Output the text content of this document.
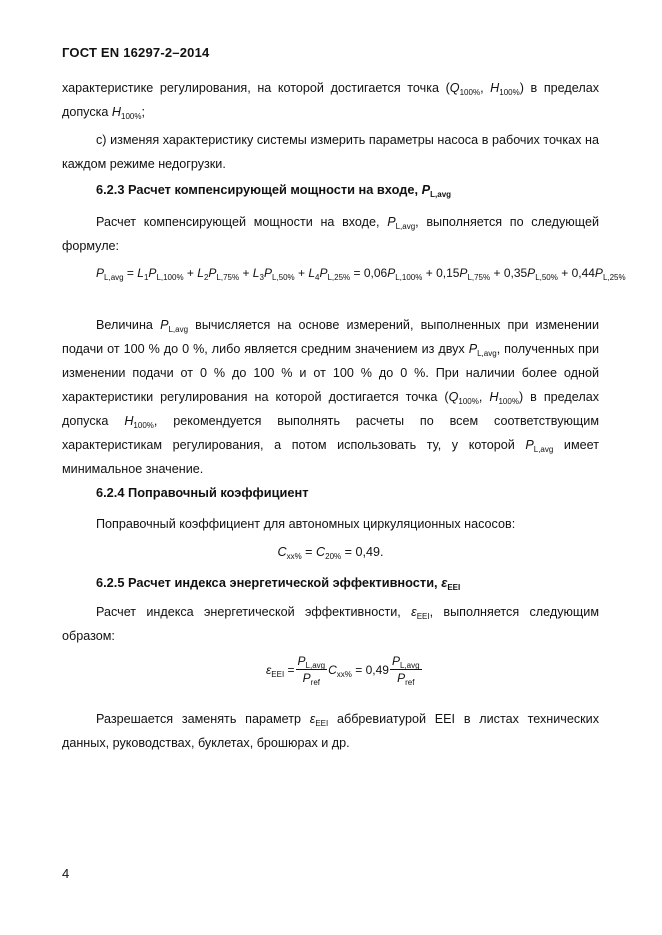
ГОСТ EN 16297-2–2014
характеристике регулирования, на которой достигается точка ($Q_{100\%}$, $H_{100\%}$) в пределах допуска $H_{100\%}$;
c) изменяя характеристику системы измерить параметры насоса в рабочих точках на каждом режиме недогрузки.
6.2.3 Расчет компенсирующей мощности на входе, $P_{L,avg}$
Расчет компенсирующей мощности на входе, $P_{L,avg}$, выполняется по следующей формуле:
$P_{L,avg} = L_1P_{L,100\%} + L_2P_{L,75\%} + L_3P_{L,50\%} + L_4P_{L,25\%} = 0,06P_{L,100\%} + 0,15P_{L,75\%} + 0,35P_{L,50\%} + 0,44P_{L,25\%}$
Величина $P_{L,avg}$ вычисляется на основе измерений, выполненных при изменении подачи от 100 % до 0 %, либо является средним значением из двух $P_{L,avg}$, полученных при изменении подачи от 0 % до 100 % и от 100 % до 0 %. При наличии более одной характеристики регулирования на которой достигается точка ($Q_{100\%}$, $H_{100\%}$) в пределах допуска $H_{100\%}$, рекомендуется выполнять расчеты по всем соответствующим характеристикам регулирования, а потом использовать ту, у которой $P_{L,avg}$ имеет минимальное значение.
6.2.4 Поправочный коэффициент
Поправочный коэффициент для автономных циркуляционных насосов:
$C_{xx\%} = C_{20\%} = 0,49$.
6.2.5 Расчет индекса энергетической эффективности, $\varepsilon_{EEI}$
Расчет индекса энергетической эффективности, $\varepsilon_{EEI}$, выполняется следующим образом:
$\varepsilon_{EEI} = \frac{P_{L,avg}}{P_{ref}} C_{xx\%} = 0,49 \frac{P_{L,avg}}{P_{ref}}$
Разрешается заменять параметр $\varepsilon_{EEI}$ аббревиатурой EEI в листах технических данных, руководствах, буклетах, брошюрах и др.
4
